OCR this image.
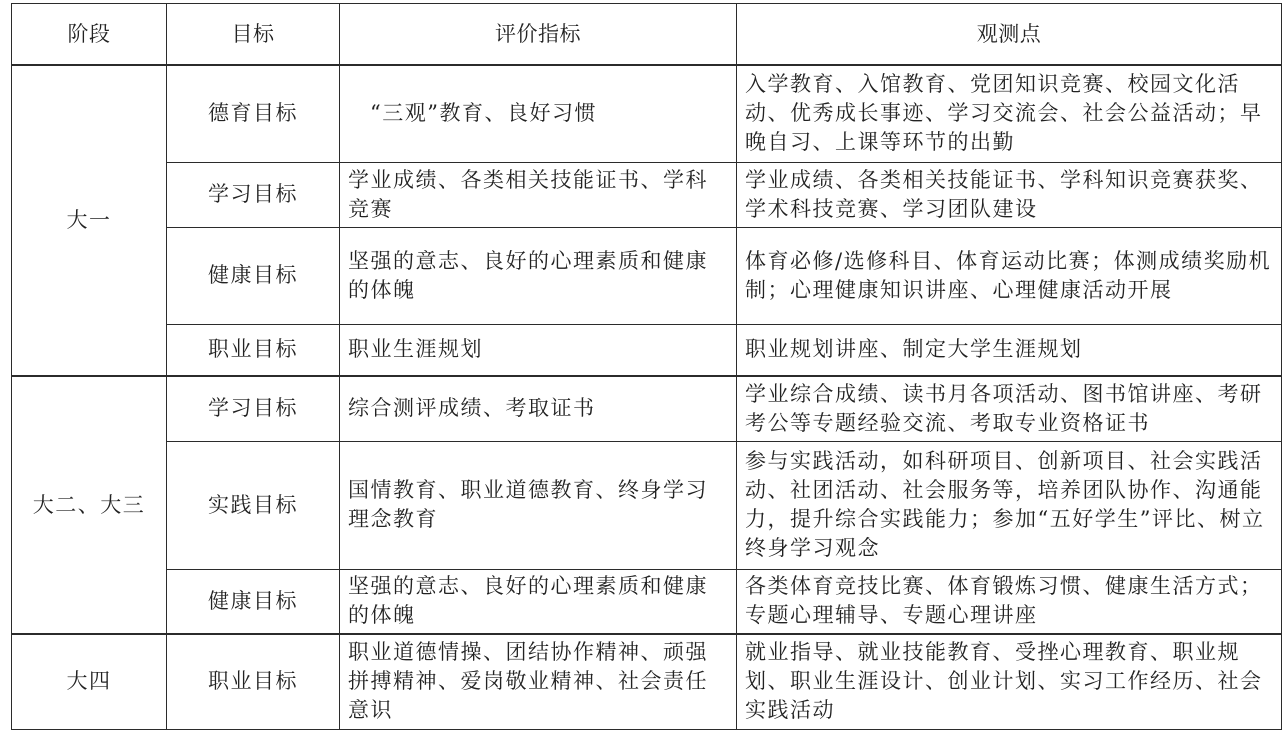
阶段	目标	评价指标	观测点
大一	德育目标	“三观”教育、良好习惯	入学教育、入馆教育、党团知识竞赛、校园文化活动、优秀成长事迹、学习交流会、社会公益活动；早晚自习、上课等环节的出勤
	学习目标	学业成绩、各类相关技能证书、学科竞赛	学业成绩、各类相关技能证书、学科知识竞赛获奖、学术科技竞赛、学习团队建设
	健康目标	坚强的意志、良好的心理素质和健康的体魄	体育必修/选修科目、体育运动比赛；体测成绩奖励机制；心理健康知识讲座、心理健康活动开展
	职业目标	职业生涯规划	职业规划讲座、制定大学生涯规划
大二、大三	学习目标	综合测评成绩、考取证书	学业综合成绩、读书月各项活动、图书馆讲座、考研考公等专题经验交流、考取专业资格证书
	实践目标	国情教育、职业道德教育、终身学习理念教育	参与实践活动，如科研项目、创新项目、社会实践活动、社团活动、社会服务等，培养团队协作、沟通能力，提升综合实践能力；参加“五好学生”评比、树立终身学习观念
	健康目标	坚强的意志、良好的心理素质和健康的体魄	各类体育竞技比赛、体育锻炼习惯、健康生活方式；专题心理辅导、专题心理讲座
大四	职业目标	职业道德情操、团结协作精神、顽强拼搏精神、爱岗敬业精神、社会责任意识	就业指导、就业技能教育、受挫心理教育、职业规划、职业生涯设计、创业计划、实习工作经历、社会实践活动
